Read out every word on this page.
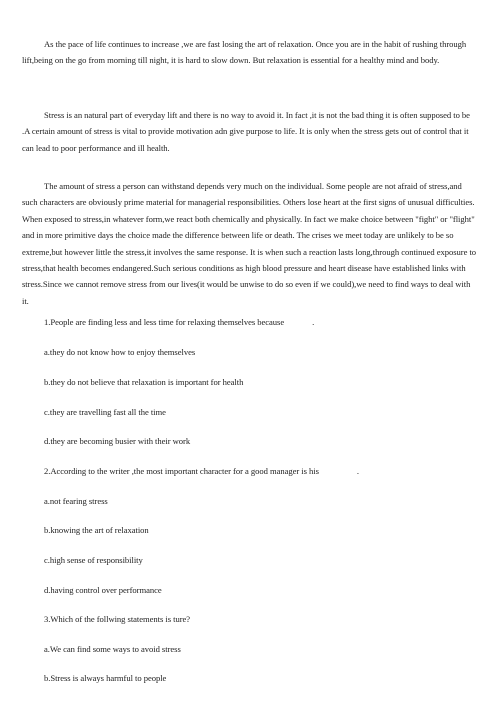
As the pace of life continues to increase ,we are fast losing the art of relaxation. Once you are in the habit of rushing through lift,being on the go from morning till night, it is hard to slow down. But relaxation is essential for a healthy mind and body.

Stress is an natural part of everyday lift and there is no way to avoid it. In fact ,it is not the bad thing it is often supposed to be .A certain amount of stress is vital to provide motivation adn give purpose to life. It is only when the stress gets out of control that it can lead to poor performance and ill health.

The amount of stress a person can withstand depends very much on the individual. Some people are not afraid of stress,and such characters are obviously prime material for managerial responsibilities. Others lose heart at the first signs of unusual difficulties. When exposed to stress,in whatever form,we react both chemically and physically. In fact we make choice between "fight" or "flight" and in more primitive days the choice made the difference between life or death. The crises we meet today are unlikely to be so extreme,but however little the stress,it involves the same response. It is when such a reaction lasts long,through continued exposure to stress,that health becomes endangered.Such serious conditions as high blood pressure and heart disease have established links with stress.Since we cannot remove stress from our lives(it would be unwise to do so even if we could),we need to find ways to deal with it.

1.People are finding less and less time for relaxing themselves because	.

a.they do not know how to enjoy themselves

b.they do not believe that relaxation is important for health

c.they are travelling fast all the time

d.they are becoming busier with their work

2.According to the writer ,the most important character for a good manager is his	.

a.not fearing stress

b.knowing the art of relaxation

c.high sense of responsibility

d.having control over performance

3.Which of the follwing statements is ture?

a.We can find some ways to avoid stress

b.Stress is always harmful to people
